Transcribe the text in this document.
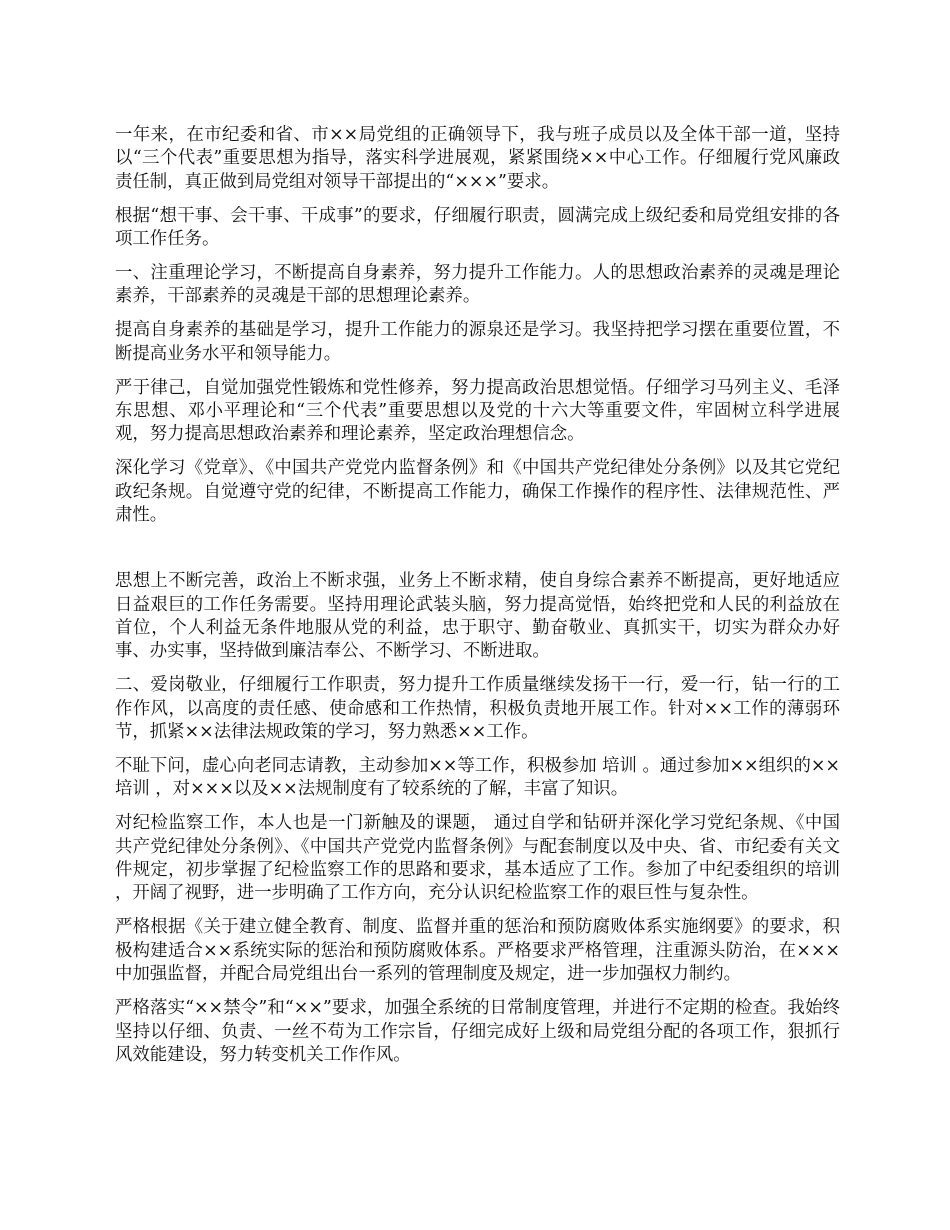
一年来，在市纪委和省、市××局党组的正确领导下，我与班子成员以及全体干部一道，坚持以“三个代表”重要思想为指导，落实科学进展观，紧紧围绕××中心工作。仔细履行党风廉政责任制，真正做到局党组对领导干部提出的“×××”要求。

根据“想干事、会干事、干成事”的要求，仔细履行职责，圆满完成上级纪委和局党组安排的各项工作任务。

一、注重理论学习，不断提高自身素养，努力提升工作能力。人的思想政治素养的灵魂是理论素养，干部素养的灵魂是干部的思想理论素养。

提高自身素养的基础是学习，提升工作能力的源泉还是学习。我坚持把学习摆在重要位置，不断提高业务水平和领导能力。

严于律己，自觉加强党性锻炼和党性修养，努力提高政治思想觉悟。仔细学习马列主义、毛泽东思想、邓小平理论和“三个代表”重要思想以及党的十六大等重要文件，牢固树立科学进展观，努力提高思想政治素养和理论素养，坚定政治理想信念。

深化学习《党章》、《中国共产党党内监督条例》和《中国共产党纪律处分条例》以及其它党纪政纪条规。自觉遵守党的纪律，不断提高工作能力，确保工作操作的程序性、法律规范性、严肃性。

思想上不断完善，政治上不断求强，业务上不断求精，使自身综合素养不断提高，更好地适应日益艰巨的工作任务需要。坚持用理论武装头脑，努力提高觉悟，始终把党和人民的利益放在首位，个人利益无条件地服从党的利益，忠于职守、勤奋敬业、真抓实干，切实为群众办好事、办实事，坚持做到廉洁奉公、不断学习、不断进取。

二、爱岗敬业，仔细履行工作职责，努力提升工作质量继续发扬干一行，爱一行，钻一行的工作作风，以高度的责任感、使命感和工作热情，积极负责地开展工作。针对××工作的薄弱环节，抓紧××法律法规政策的学习，努力熟悉××工作。

不耻下问，虚心向老同志请教，主动参加××等工作，积极参加 培训 。通过参加××组织的×× 培训 ，对×××以及××法规制度有了较系统的了解，丰富了知识。

对纪检监察工作，本人也是一门新触及的课题， 通过自学和钻研并深化学习党纪条规、《中国共产党纪律处分条例》、《中国共产党党内监督条例》与配套制度以及中央、省、市纪委有关文件规定，初步掌握了纪检监察工作的思路和要求，基本适应了工作。参加了中纪委组织的培训 ，开阔了视野，进一步明确了工作方向，充分认识纪检监察工作的艰巨性与复杂性。

严格根据《关于建立健全教育、制度、监督并重的惩治和预防腐败体系实施纲要》的要求，积极构建适合××系统实际的惩治和预防腐败体系。严格要求严格管理，注重源头防治，在×××中加强监督，并配合局党组出台一系列的管理制度及规定，进一步加强权力制约。

严格落实“××禁令”和“××”要求，加强全系统的日常制度管理，并进行不定期的检查。我始终坚持以仔细、负责、一丝不苟为工作宗旨，仔细完成好上级和局党组分配的各项工作，狠抓行风效能建设，努力转变机关工作作风。
